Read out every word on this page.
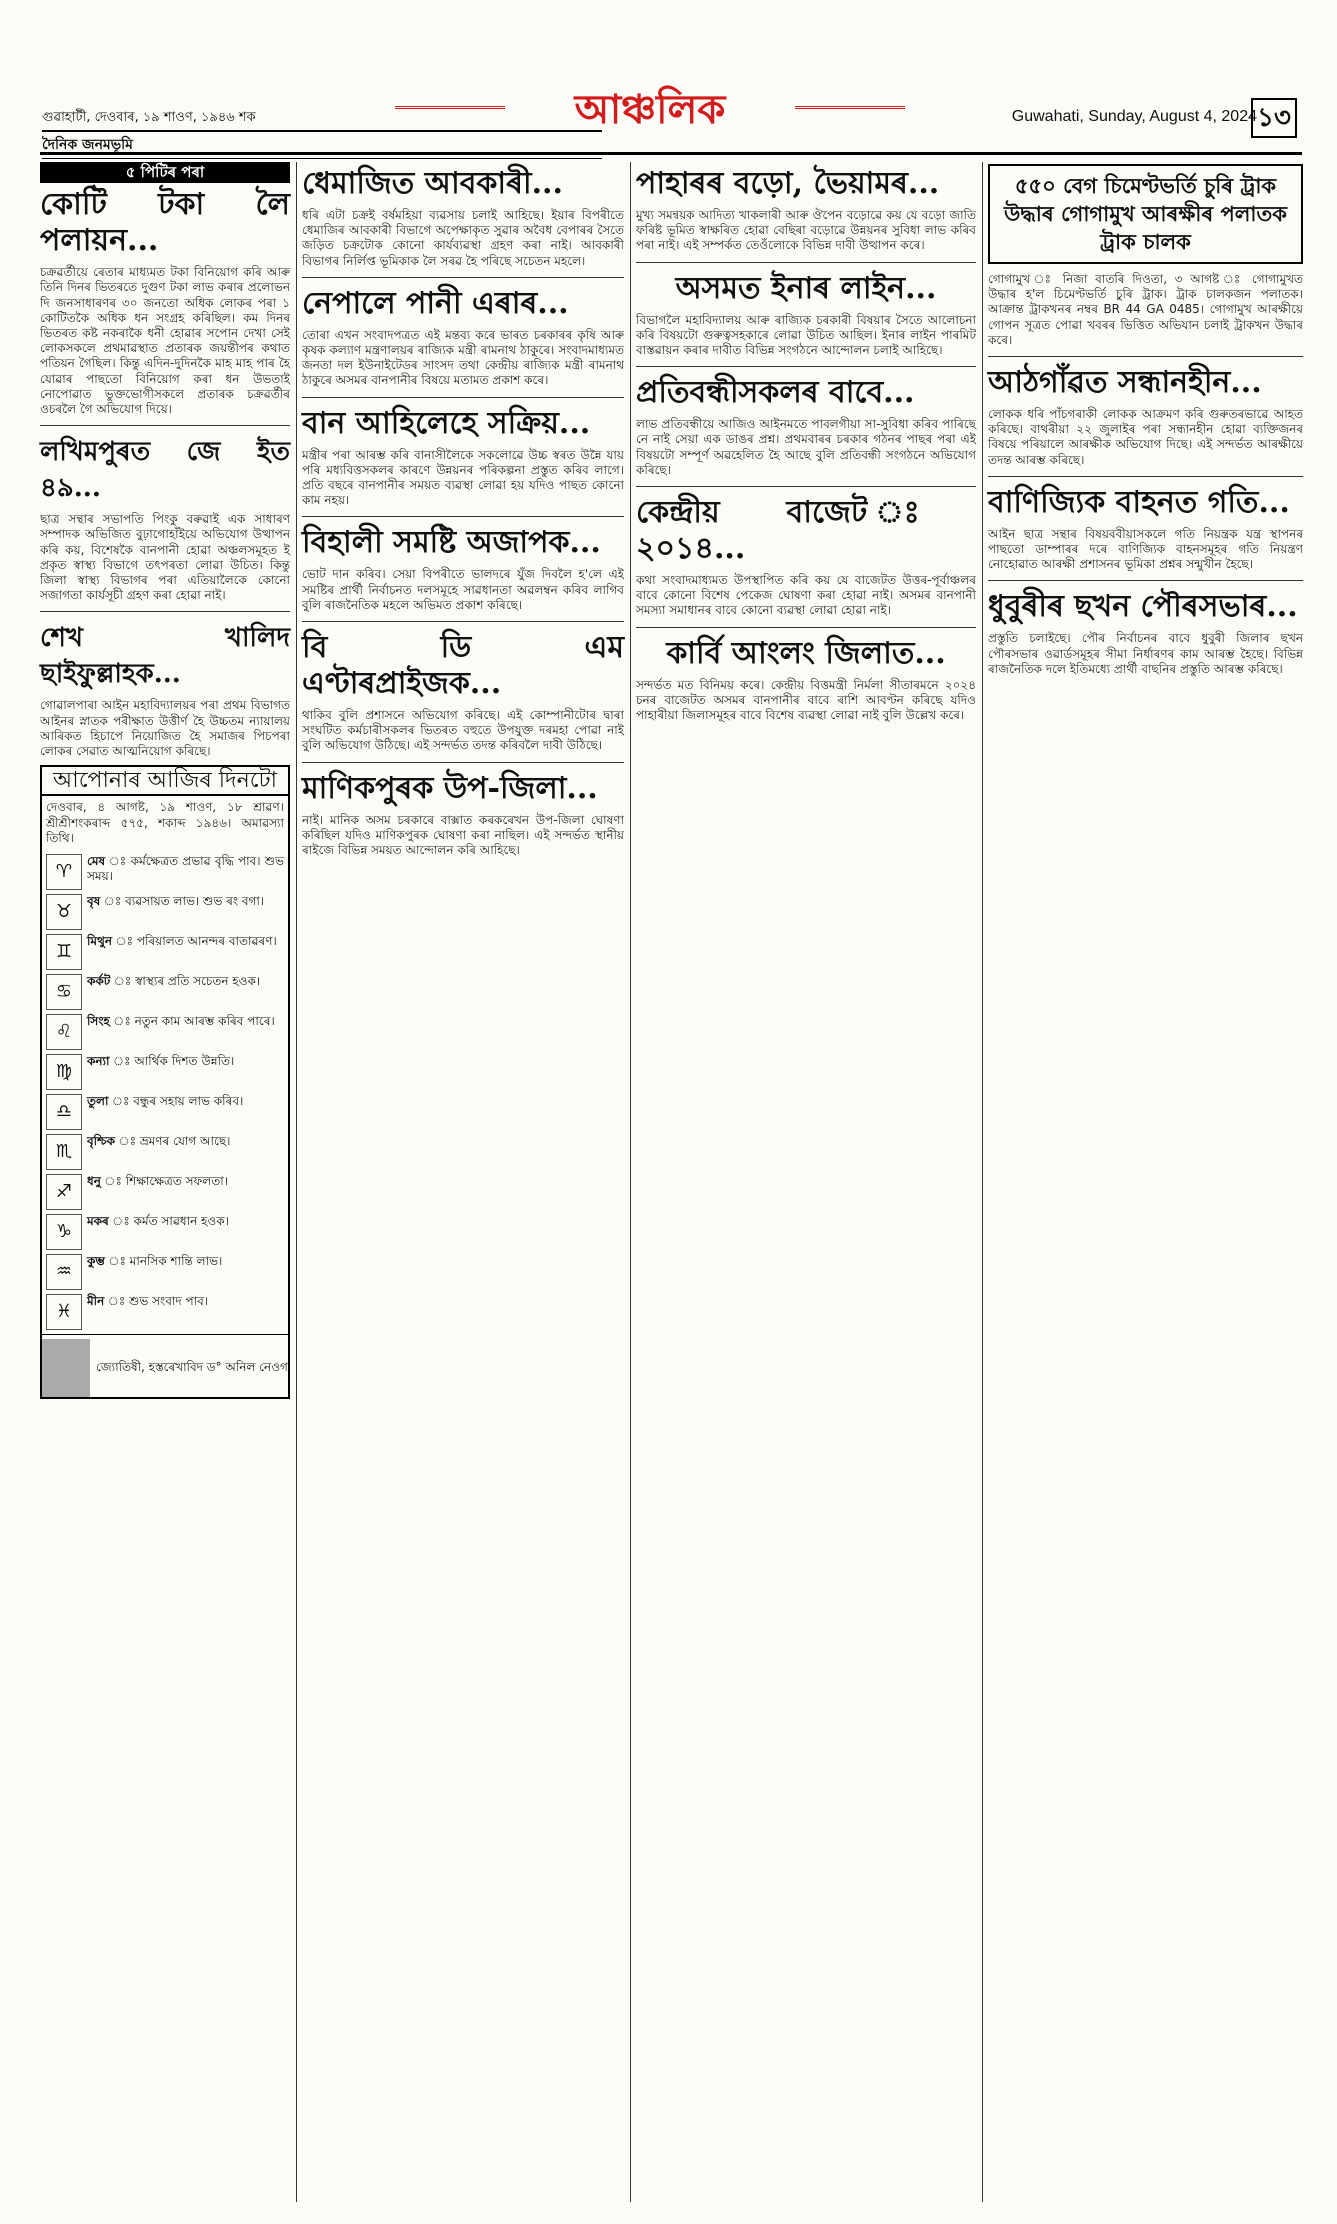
গুৱাহাটী, দেওবাৰ, ১৯ শাওণ, ১৯৪৬ শক
দৈনিক জনমভূমি
আঞ্চলিক	Guwahati, Sunday, August 4, 2024 ১৩
৫ পিটিৰ পৰা
কোটি টকা লৈ পলায়ন...
চক্ৰৱৰ্তীয়ে ৰেতাৰ মাধ্যমত টকা বিনিয়োগ কৰি আৰু তিনি দিনৰ ভিতৰতে দুগুণ টকা লাভ কৰাৰ প্ৰলোভন দি জনসাধাৰণৰ ৩০ জনতো অধিক লোকৰ পৰা ১ কোটিতকৈ অধিক ধন সংগ্ৰহ কৰিছিল। কম দিনৰ ভিতৰত কষ্ট নকৰাকৈ ধনী হোৱাৰ সপোন দেখা সেই লোকসকলে প্ৰথমাৱস্থাত প্ৰতাৰক জয়ন্তীপৰ কথাত পতিয়ন গৈছিল। কিন্তু এদিন-দুদিনকৈ মাহ মাহ পাৰ হৈ যোৱাৰ পাছতো বিনিয়োগ কৰা ধন উভতাই নোপোৱাত ভুক্তভোগীসকলে প্ৰতাৰক চক্ৰৱৰ্তীৰ ওচৰলৈ গৈ অভিযোগ দিয়ে।
লখিমপুৰত জে ইত ৪৯...
ছাত্ৰ সন্থাৰ সভাপতি পিংকু বৰুৱাই এক সাধাৰণ সম্পাদক অভিজিত বুঢ়াগোহাঁইয়ে অভিযোগ উত্থাপন কৰি কয়, বিশেষকৈ বানপানী হোৱা অঞ্চলসমূহত ই প্ৰকৃত স্বাস্থ্য বিভাগে তৎপৰতা লোৱা উচিত। কিন্তু জিলা স্বাস্থ্য বিভাগৰ পৰা এতিয়ালৈকে কোনো সজাগতা কাৰ্যসূচী গ্ৰহণ কৰা হোৱা নাই।
শেখ খালিদ ছাইফুল্লাহক...
গোৱালপাৰা আইন মহাবিদ্যালয়ৰ পৰা প্ৰথম বিভাগত আইনৰ স্নাতক পৰীক্ষাত উত্তীৰ্ণ হৈ উচ্চতম ন্যায়ালয় আৰিকত হিচাপে নিয়োজিত হৈ সমাজৰ পিচপৰা লোকৰ সেৱাত আত্মনিয়োগ কৰিছে।
আপোনাৰ আজিৰ দিনটো
দেওবাৰ, ৪ আগষ্ট, ১৯ শাওণ, ১৮ শ্ৰাৱণ। শ্ৰীশ্ৰীশংকৰাব্দ ৫৭৫, শকাব্দ ১৯৪৬। অমাৱস্যা তিথি।
♈
মেষ ঃ কৰ্মক্ষেত্ৰত প্ৰভাৱ বৃদ্ধি পাব। শুভ সময়।
♉
বৃষ ঃ ব্যৱসায়ত লাভ। শুভ ৰং বগা।
♊
মিথুন ঃ পৰিয়ালত আনন্দৰ বাতাৱৰণ।
♋
কৰ্কট ঃ স্বাস্থ্যৰ প্ৰতি সচেতন হওক।
♌
সিংহ ঃ নতুন কাম আৰম্ভ কৰিব পাৰে।
♍
কন্যা ঃ আৰ্থিক দিশত উন্নতি।
♎
তুলা ঃ বন্ধুৰ সহায় লাভ কৰিব।
♏
বৃশ্চিক ঃ ভ্ৰমণৰ যোগ আছে।
♐
ধনু ঃ শিক্ষাক্ষেত্ৰত সফলতা।
♑
মকৰ ঃ কৰ্মত সাৱধান হওক।
♒
কুম্ভ ঃ মানসিক শান্তি লাভ।
♓
মীন ঃ শুভ সংবাদ পাব।
জ্যোতিষী, হস্তৰেখাবিদ ড° অনিল নেওগ
ধেমাজিত আবকাৰী...
ধৰি এটা চক্ৰই বৰ্ষমহিয়া ব্যৱসায় চলাই আহিছে। ইয়াৰ বিপৰীতে ধেমাজিৰ আবকাৰী বিভাগে অপেক্ষাকৃত সুৱাৰ অবৈধ বেপাৰৰ সৈতে জড়িত চক্ৰটোক কোনো কাৰ্যব্যৱস্থা গ্ৰহণ কৰা নাই। আবকাৰী বিভাগৰ নিৰ্লিপ্ত ভূমিকাক লৈ সৰৱ হৈ পৰিছে সচেতন মহলে।
নেপালে পানী এৰাৰ...
তোৰা এখন সংবাদপত্ৰত এই মন্তব্য কৰে ভাৰত চৰকাৰৰ কৃষি আৰু কৃষক কল্যাণ মন্ত্ৰণালয়ৰ ৰাজ্যিক মন্ত্ৰী ৰামনাথ ঠাকুৰে। সংবাদমাধ্যমত জনতা দল ইউনাইটেডৰ সাংসদ তথা কেন্দ্ৰীয় ৰাজ্যিক মন্ত্ৰী ৰামনাথ ঠাকুৰে অসমৰ বানপানীৰ বিষয়ে মতামত প্ৰকাশ কৰে।
বান আহিলেহে সক্ৰিয়...
মন্ত্ৰীৰ পৰা আৰম্ভ কৰি বানাসীলৈকে সকলোৱে উচ্চ স্বৰত উন্নৈ যায় পৰি মধ্যবিত্তসকলৰ কাৰণে উন্নয়নৰ পৰিকল্পনা প্ৰস্তুত কৰিব লাগে। প্ৰতি বছৰে বানপানীৰ সময়ত ব্যৱস্থা লোৱা হয় যদিও পাছত কোনো কাম নহয়।
বিহালী সমষ্টি অজাপক...
ভোট দান কৰিব। সেয়া বিপৰীতে ভালদৰে যুঁজ দিবলৈ হ'লে এই সমষ্টিৰ প্ৰাৰ্থী নিৰ্বাচনত দলসমূহে সাৱধানতা অৱলম্বন কৰিব লাগিব বুলি ৰাজনৈতিক মহলে অভিমত প্ৰকাশ কৰিছে।
বি ডি এম এণ্টাৰপ্ৰাইজক...
থাকিব বুলি প্ৰশাসনে অভিযোগ কৰিছে। এই কোম্পানীটোৰ দ্বাৰা সংঘটিত কৰ্মচাৰীসকলৰ ভিতৰত বহুতে উপযুক্ত দৰমহা পোৱা নাই বুলি অভিযোগ উঠিছে। এই সন্দৰ্ভত তদন্ত কৰিবলৈ দাবী উঠিছে।
মাণিকপুৰক উপ-জিলা...
নাই। মানিক অসম চৰকাৰে বাক্সাত কৰকৰেখন উপ-জিলা ঘোষণা কৰিছিল যদিও মাণিকপুৰক ঘোষণা কৰা নাছিল। এই সন্দৰ্ভত স্থানীয় ৰাইজে বিভিন্ন সময়ত আন্দোলন কৰি আহিছে।
পাহাৰৰ বড়ো, ভৈয়ামৰ...
মুখ্য সমন্বয়ক আদিত্য খাকলাৰী আৰু ঔপেন বড়োৱে কয় যে বড়ো জাতি ফৰিষ্ট ভূমিত স্বাক্ষৰিত হোৱা বেছিৰা বড়োৱে উন্নয়নৰ সুবিধা লাভ কৰিব পৰা নাই। এই সম্পৰ্কত তেওঁলোকে বিভিন্ন দাবী উত্থাপন কৰে।
অসমত ইনাৰ লাইন...
বিভাগলৈ মহাবিদ্যালয় আৰু ৰাজ্যিক চৰকাৰী বিষয়াৰ সৈতে আলোচনা কৰি বিষয়টো গুৰুত্বসহকাৰে লোৱা উচিত আছিল। ইনাৰ লাইন পাৰমিট বাস্তৱায়ন কৰাৰ দাবীত বিভিন্ন সংগঠনে আন্দোলন চলাই আহিছে।
প্ৰতিবন্ধীসকলৰ বাবে...
লাভ প্ৰতিবন্ধীয়ে আজিও আইনমতে পাবলগীয়া সা-সুবিধা কৰিব পাৰিছে নে নাই সেয়া এক ডাঙৰ প্ৰশ্ন। প্ৰথমবাৰৰ চৰকাৰ গঠনৰ পাছৰ পৰা এই বিষয়টো সম্পূৰ্ণ অৱহেলিত হৈ আছে বুলি প্ৰতিবন্ধী সংগঠনে অভিযোগ কৰিছে।
কেন্দ্ৰীয় বাজেট ঃ ২০১৪...
কথা সংবাদমাধ্যমত উপস্থাপিত কৰি কয় যে বাজেটত উত্তৰ-পূৰ্বাঞ্চলৰ বাবে কোনো বিশেষ পেকেজ ঘোষণা কৰা হোৱা নাই। অসমৰ বানপানী সমস্যা সমাধানৰ বাবে কোনো ব্যৱস্থা লোৱা হোৱা নাই।
কাৰ্বি আংলং জিলাত...
সন্দৰ্ভত মত বিনিময় কৰে। কেন্দ্ৰীয় বিত্তমন্ত্ৰী নিৰ্মলা সীতাৰমনে ২০২৪ চনৰ বাজেটত অসমৰ বানপানীৰ বাবে ৰাশি আবণ্টন কৰিছে যদিও পাহাৰীয়া জিলাসমূহৰ বাবে বিশেষ ব্যৱস্থা লোৱা নাই বুলি উল্লেখ কৰে।
৫৫০ বেগ চিমেণ্টভৰ্তি চুৰি ট্ৰাক উদ্ধাৰ গোগামুখ আৰক্ষীৰ পলাতক ট্ৰাক চালক
গোগামুখ ঃ নিজা বাতৰি দিওতা, ৩ আগষ্ট ঃ গোগামুখত উদ্ধাৰ হ'ল চিমেণ্টভৰ্তি চুৰি ট্ৰাক। ট্ৰাক চালকজন পলাতক। আক্ৰান্ত ট্ৰাকখনৰ নম্বৰ BR 44 GA 0485। গোগামুখ আৰক্ষীয়ে গোপন সূত্ৰত পোৱা খবৰৰ ভিত্তিত অভিযান চলাই ট্ৰাকখন উদ্ধাৰ কৰে।
আঠগাঁৱত সন্ধানহীন...
লোকক ধৰি পাঁচগৰাকী লোকক আক্ৰমণ কৰি গুৰুতৰভাৱে আহত কৰিছে। বাথৰীয়া ২২ জুলাইৰ পৰা সন্ধানহীন হোৱা ব্যক্তিজনৰ বিষয়ে পৰিয়ালে আৰক্ষীক অভিযোগ দিছে। এই সন্দৰ্ভত আৰক্ষীয়ে তদন্ত আৰম্ভ কৰিছে।
বাণিজ্যিক বাহনত গতি...
আইন ছাত্ৰ সন্থাৰ বিষয়ববীয়াসকলে গতি নিয়ন্ত্ৰক যন্ত্ৰ স্থাপনৰ পাছতো ডাম্পাৰৰ দৰে বাণিজ্যিক বাহনসমূহৰ গতি নিয়ন্ত্ৰণ নোহোৱাত আৰক্ষী প্ৰশাসনৰ ভূমিকা প্ৰশ্নৰ সন্মুখীন হৈছে।
ধুবুৰীৰ ছখন পৌৰসভাৰ...
প্ৰস্তুতি চলাইছে। পৌৰ নিৰ্বাচনৰ বাবে ধুবুৰী জিলাৰ ছখন পৌৰসভাৰ ওৱাৰ্ডসমূহৰ সীমা নিৰ্ধাৰণৰ কাম আৰম্ভ হৈছে। বিভিন্ন ৰাজনৈতিক দলে ইতিমধ্যে প্ৰাৰ্থী বাছনিৰ প্ৰস্তুতি আৰম্ভ কৰিছে।
